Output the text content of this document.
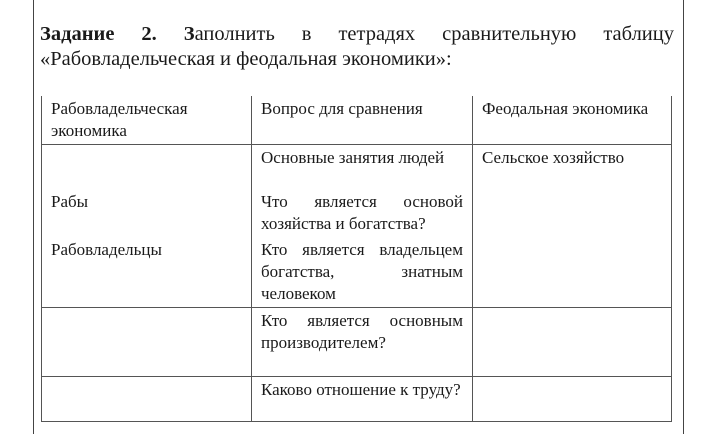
Задание 2. Заполнить в тетрадях сравнительную таблицу
«Рабовладельческая и феодальная экономики»:
Рабовладельческая экономика	Вопрос для сравнения	Феодальная экономика
	Основные занятия людей	Сельское хозяйство
Рабы	Что является основой хозяйства и богатства?	
Рабовладельцы	Кто является владельцем богатства, знатным человеком	
	Кто является основным производителем?	
	Каково отношение к труду?	
